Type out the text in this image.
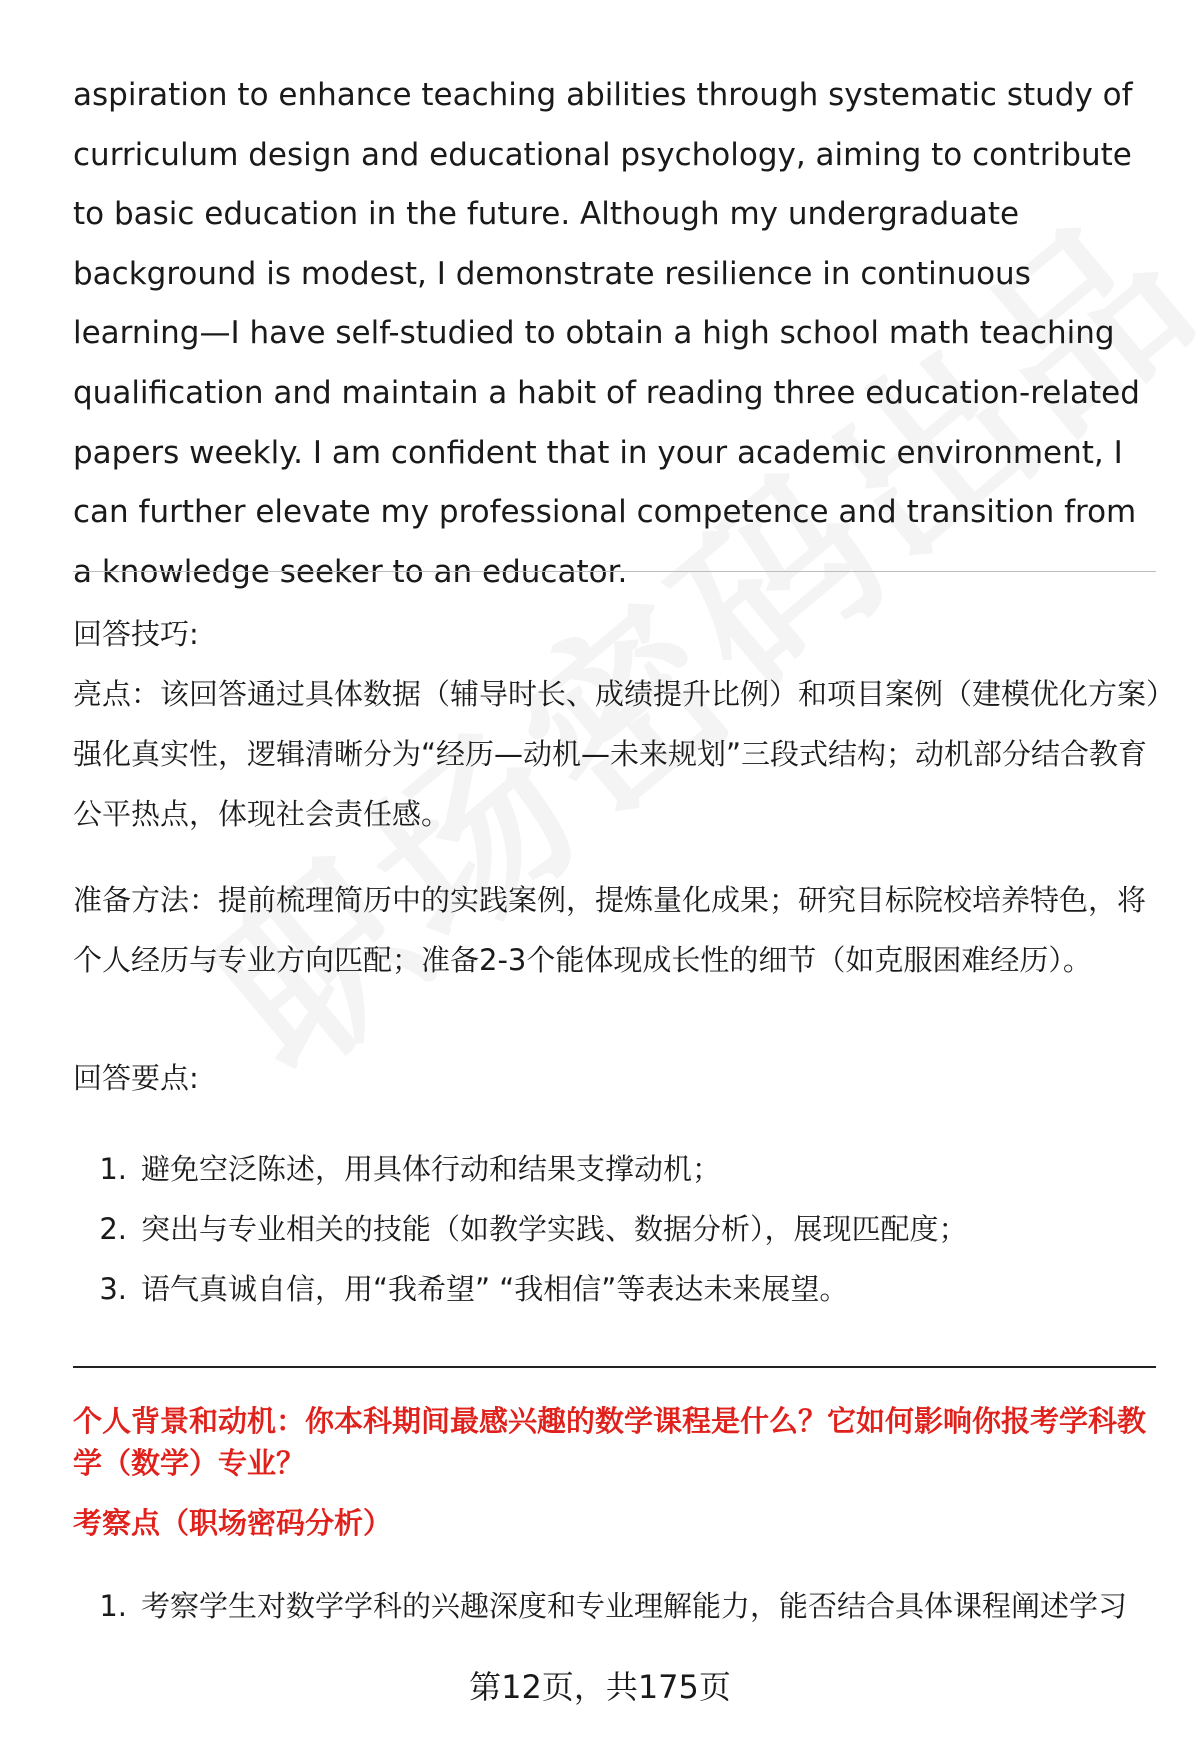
aspiration to enhance teaching abilities through systematic study of curriculum design and educational psychology, aiming to contribute to basic education in the future. Although my undergraduate background is modest, I demonstrate resilience in continuous learning—I have self-studied to obtain a high school math teaching qualification and maintain a habit of reading three education-related papers weekly. I am confident that in your academic environment, I can further elevate my professional competence and transition from a knowledge seeker to an educator.

回答技巧:

亮点：该回答通过具体数据（辅导时长、成绩提升比例）和项目案例（建模优化方案）强化真实性，逻辑清晰分为“经历—动机—未来规划”三段式结构；动机部分结合教育公平热点，体现社会责任感。

准备方法：提前梳理简历中的实践案例，提炼量化成果；研究目标院校培养特色，将个人经历与专业方向匹配；准备2-3个能体现成长性的细节（如克服困难经历）。

回答要点:

1. 避免空泛陈述，用具体行动和结果支撑动机；
2. 突出与专业相关的技能（如教学实践、数据分析），展现匹配度；
3. 语气真诚自信，用“我希望” “我相信”等表达未来展望。

个人背景和动机：你本科期间最感兴趣的数学课程是什么？它如何影响你报考学科教学（数学）专业？

考察点（职场密码分析）

1. 考察学生对数学学科的兴趣深度和专业理解能力，能否结合具体课程阐述学习
第12页，共175页
